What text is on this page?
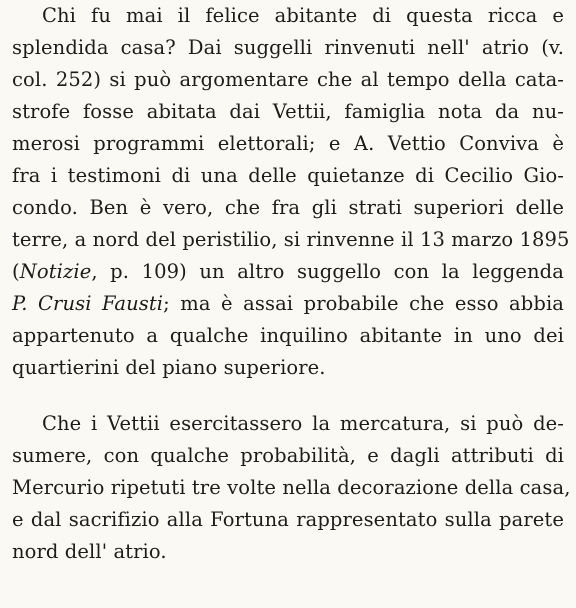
Chi fu mai il felice abitante di questa ricca e
splendida casa? Dai suggelli rinvenuti nell' atrio (v.
col. 252) si può argomentare che al tempo della cata-
strofe fosse abitata dai Vettii, famiglia nota da nu-
merosi programmi elettorali; e A. Vettio Conviva è
fra i testimoni di una delle quietanze di Cecilio Gio-
condo. Ben è vero, che fra gli strati superiori delle
terre, a nord del peristilio, si rinvenne il 13 marzo 1895
(Notizie, p. 109) un altro suggello con la leggenda
P. Crusi Fausti; ma è assai probabile che esso abbia
appartenuto a qualche inquilino abitante in uno dei
quartierini del piano superiore.
Che i Vettii esercitassero la mercatura, si può de-
sumere, con qualche probabilità, e dagli attributi di
Mercurio ripetuti tre volte nella decorazione della casa,
e dal sacrifizio alla Fortuna rappresentato sulla parete
nord dell' atrio.
